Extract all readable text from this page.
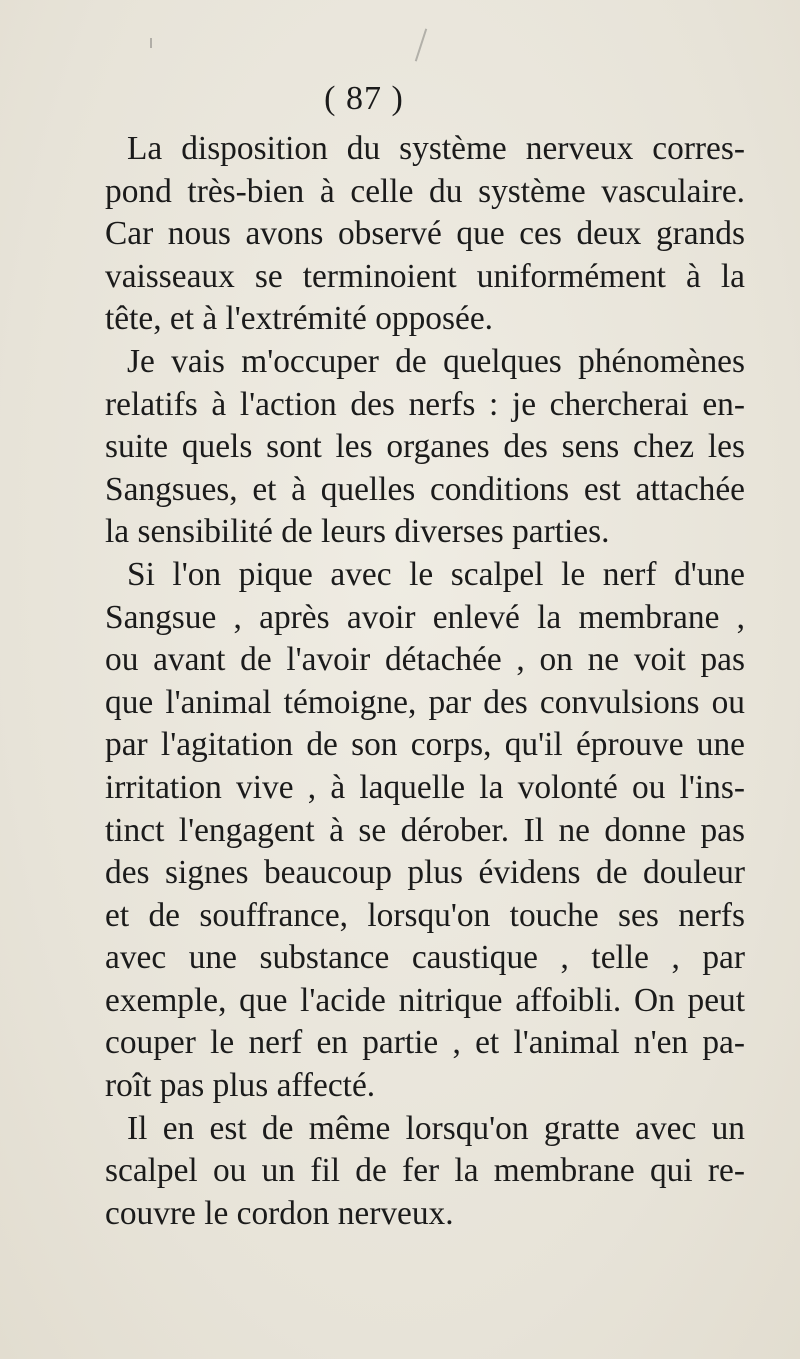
( 87 )
La disposition du système nerveux corres-
pond très-bien à celle du système vasculaire.
Car nous avons observé que ces deux grands
vaisseaux se terminoient uniformément à la
tête, et à l'extrémité opposée.
Je vais m'occuper de quelques phénomènes
relatifs à l'action des nerfs : je chercherai en-
suite quels sont les organes des sens chez les
Sangsues, et à quelles conditions est attachée
la sensibilité de leurs diverses parties.
Si l'on pique avec le scalpel le nerf d'une
Sangsue , après avoir enlevé la membrane ,
ou avant de l'avoir détachée , on ne voit pas
que l'animal témoigne, par des convulsions ou
par l'agitation de son corps, qu'il éprouve une
irritation vive , à laquelle la volonté ou l'ins-
tinct l'engagent à se dérober. Il ne donne pas
des signes beaucoup plus évidens de douleur
et de souffrance, lorsqu'on touche ses nerfs
avec une substance caustique , telle , par
exemple, que l'acide nitrique affoibli. On peut
couper le nerf en partie , et l'animal n'en pa-
roît pas plus affecté.
Il en est de même lorsqu'on gratte avec un
scalpel ou un fil de fer la membrane qui re-
couvre le cordon nerveux.
